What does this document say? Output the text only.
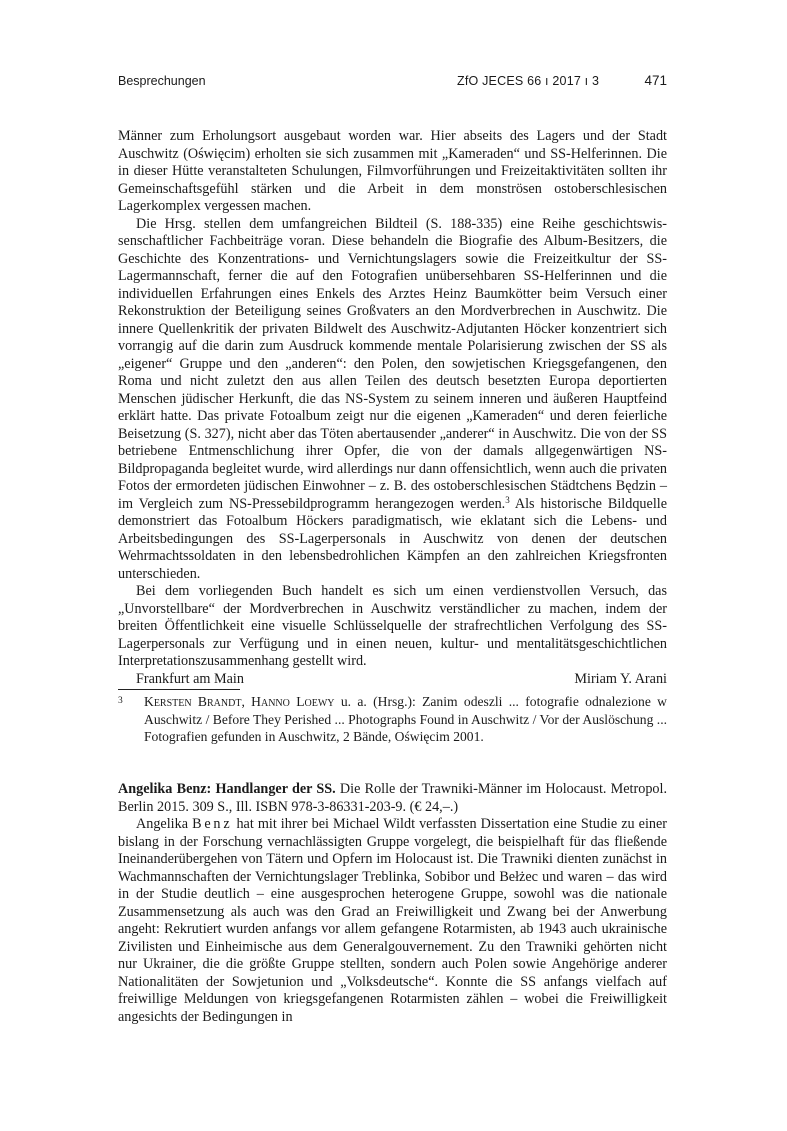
Besprechungen	ZfO JECES 66 ı 2017 ı 3	471

Männer zum Erholungsort ausgebaut worden war. Hier abseits des Lagers und der Stadt Auschwitz (Oświęcim) erholten sie sich zusammen mit „Kameraden“ und SS-Helferinnen. Die in dieser Hütte veranstalteten Schulungen, Filmvorführungen und Freizeitaktivitäten sollten ihr Gemeinschaftsgefühl stärken und die Arbeit in dem monströsen ostoberschlesischen Lagerkomplex vergessen machen.

Die Hrsg. stellen dem umfangreichen Bildteil (S. 188-335) eine Reihe geschichtswissenschaftlicher Fachbeiträge voran. Diese behandeln die Biografie des Album-Besitzers, die Geschichte des Konzentrations- und Vernichtungslagers sowie die Freizeitkultur der SS-Lagermannschaft, ferner die auf den Fotografien unübersehbaren SS-Helferinnen und die individuellen Erfahrungen eines Enkels des Arztes Heinz Baumkötter beim Versuch einer Rekonstruktion der Beteiligung seines Großvaters an den Mordverbrechen in Auschwitz. Die innere Quellenkritik der privaten Bildwelt des Auschwitz-Adjutanten Höcker konzentriert sich vorrangig auf die darin zum Ausdruck kommende mentale Polarisierung zwischen der SS als „eigener“ Gruppe und den „anderen“: den Polen, den sowjetischen Kriegsgefangenen, den Roma und nicht zuletzt den aus allen Teilen des deutsch besetzten Europa deportierten Menschen jüdischer Herkunft, die das NS-System zu seinem inneren und äußeren Hauptfeind erklärt hatte. Das private Fotoalbum zeigt nur die eigenen „Kameraden“ und deren feierliche Beisetzung (S. 327), nicht aber das Töten abertausender „anderer“ in Auschwitz. Die von der SS betriebene Entmenschlichung ihrer Opfer, die von der damals allgegenwärtigen NS-Bildpropaganda begleitet wurde, wird allerdings nur dann offensichtlich, wenn auch die privaten Fotos der ermordeten jüdischen Einwohner – z. B. des ostoberschlesischen Städtchens Będzin – im Vergleich zum NS-Pressebildprogramm herangezogen werden.$^3$ Als historische Bildquelle demonstriert das Fotoalbum Höckers paradigmatisch, wie eklatant sich die Lebens- und Arbeitsbedingungen des SS-Lagerpersonals in Auschwitz von denen der deutschen Wehrmachtssoldaten in den lebensbedrohlichen Kämpfen an den zahlreichen Kriegsfronten unterschieden.

Bei dem vorliegenden Buch handelt es sich um einen verdienstvollen Versuch, das „Unvorstellbare“ der Mordverbrechen in Auschwitz verständlicher zu machen, indem der breiten Öffentlichkeit eine visuelle Schlüsselquelle der strafrechtlichen Verfolgung des SS-Lagerpersonals zur Verfügung und in einen neuen, kultur- und mentalitätsgeschichtlichen Interpretationszusammenhang gestellt wird.

Frankfurt am Main	Miriam Y. Arani
3 Kersten Brandt, Hanno Loewy u. a. (Hrsg.): Zanim odeszli ... fotografie odnalezione w Auschwitz / Before They Perished ... Photographs Found in Auschwitz / Vor der Auslöschung ... Fotografien gefunden in Auschwitz, 2 Bände, Oświęcim 2001.

Angelika Benz: Handlanger der SS. Die Rolle der Trawniki-Männer im Holocaust. Metropol. Berlin 2015. 309 S., Ill. ISBN 978-3-86331-203-9. (€ 24,–.)

Angelika Benz hat mit ihrer bei Michael Wildt verfassten Dissertation eine Studie zu einer bislang in der Forschung vernachlässigten Gruppe vorgelegt, die beispielhaft für das fließende Ineinanderübergehen von Tätern und Opfern im Holocaust ist. Die Trawniki dienten zunächst in Wachmannschaften der Vernichtungslager Treblinka, Sobibor und Bełżec und waren – das wird in der Studie deutlich – eine ausgesprochen heterogene Gruppe, sowohl was die nationale Zusammensetzung als auch was den Grad an Freiwilligkeit und Zwang bei der Anwerbung angeht: Rekrutiert wurden anfangs vor allem gefangene Rotarmisten, ab 1943 auch ukrainische Zivilisten und Einheimische aus dem Generalgouvernement. Zu den Trawniki gehörten nicht nur Ukrainer, die die größte Gruppe stellten, sondern auch Polen sowie Angehörige anderer Nationalitäten der Sowjetunion und „Volksdeutsche“. Konnte die SS anfangs vielfach auf freiwillige Meldungen von kriegsgefangenen Rotarmisten zählen – wobei die Freiwilligkeit angesichts der Bedingungen in
